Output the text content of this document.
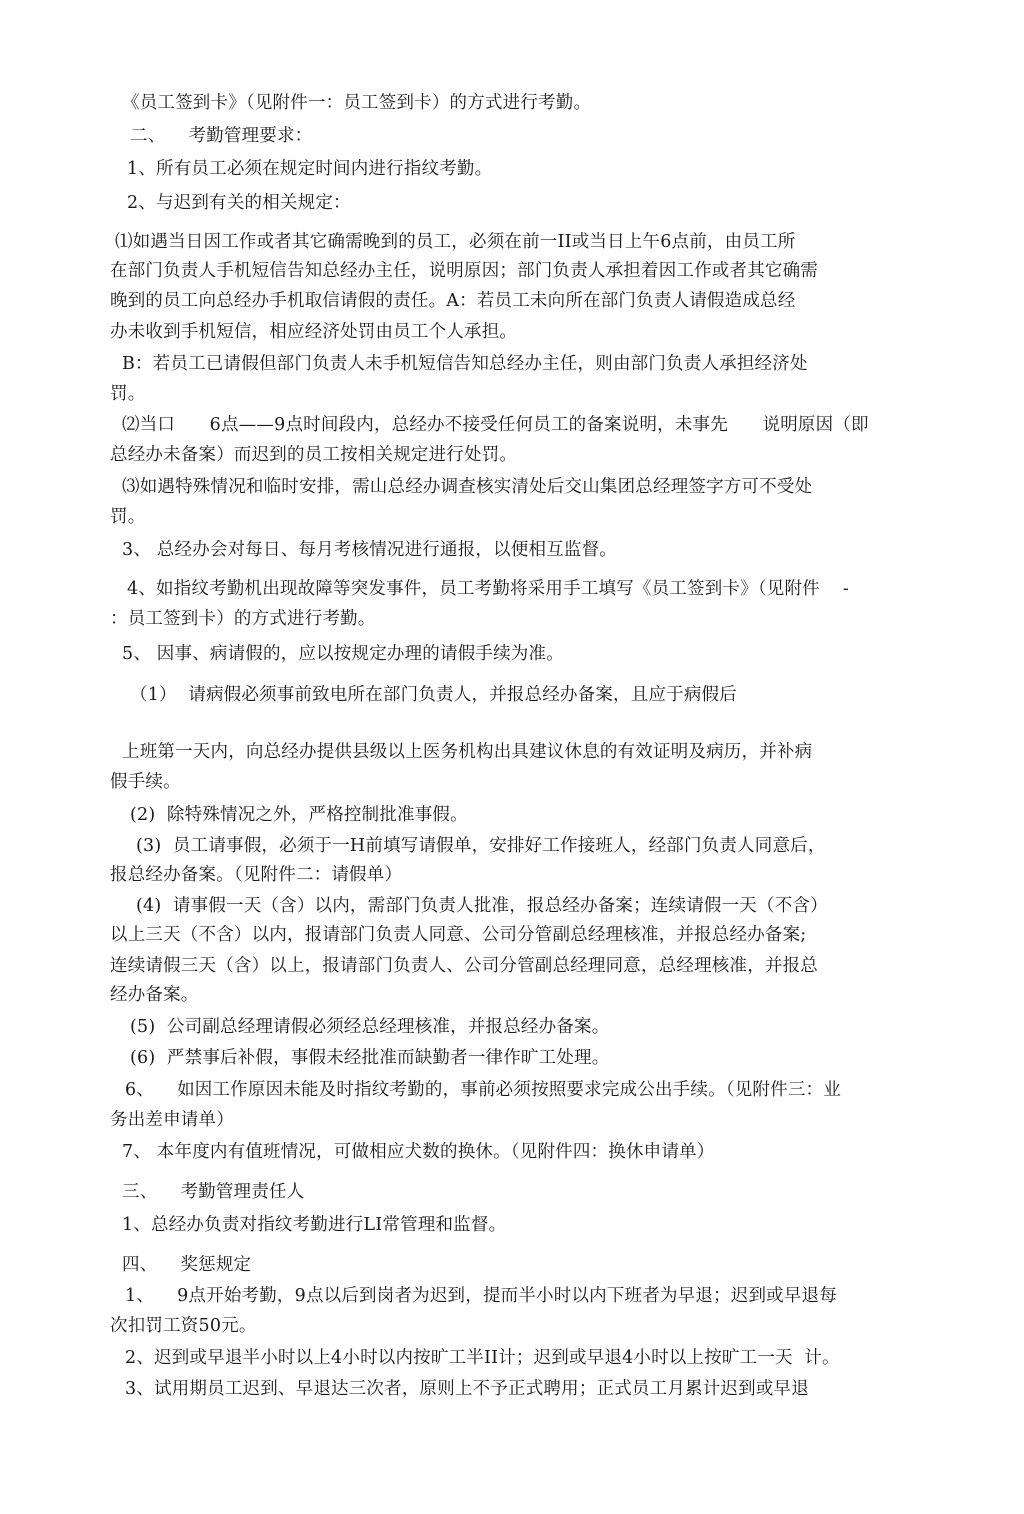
《员工签到卡》（见附件一：员工签到卡）的方式进行考勤。
二、    考勤管理要求：
1、所有员工必须在规定时间内进行指纹考勤。
2、与迟到有关的相关规定：
⑴如遇当日因工作或者其它确需晚到的员工，必须在前一II或当日上午6点前，由员工所
在部门负责人手机短信告知总经办主任，说明原因；部门负责人承担着因工作或者其它确需
晚到的员工向总经办手机取信请假的责任。A：若员工未向所在部门负责人请假造成总经
办未收到手机短信，相应经济处罚由员工个人承担。
B：若员工已请假但部门负责人未手机短信告知总经办主任，则由部门负责人承担经济处
罚。
⑵当口      6点——9点时间段内，总经办不接受任何员工的备案说明，未事先      说明原因（即
总经办未备案）而迟到的员工按相关规定进行处罚。
⑶如遇特殊情况和临时安排，需山总经办调查核实清处后交山集团总经理签字方可不受处
罚。
3、 总经办会对每日、每月考核情况进行通报，以便相互监督。
4、如指纹考勤机出现故障等突发事件，员工考勤将采用手工填写《员工签到卡》（见附件    -
：员工签到卡）的方式进行考勤。
5、 因事、病请假的，应以按规定办理的请假手续为准。
（1）  请病假必须事前致电所在部门负责人，并报总经办备案，且应于病假后
上班第一天内，向总经办提供县级以上医务机构出具建议休息的有效证明及病历，并补病
假手续。
(2)  除特殊情况之外，严格控制批准事假。
(3)  员工请事假，必须于一H前填写请假单，安排好工作接班人，经部门负责人同意后，
报总经办备案。（见附件二：请假单）
(4)  请事假一天（含）以内，需部门负责人批准，报总经办备案；连续请假一天（不含）
以上三天（不含）以内，报请部门负责人同意、公司分管副总经理核准，并报总经办备案;
连续请假三天（含）以上，报请部门负责人、公司分管副总经理同意，总经理核准，并报总
经办备案。
(5)  公司副总经理请假必须经总经理核准，并报总经办备案。
(6)  严禁事后补假，事假未经批准而缺勤者一律作旷工处理。
6、    如因工作原因未能及时指纹考勤的，事前必须按照要求完成公出手续。（见附件三：业
务出差申请单）
7、 本年度内有值班情况，可做相应犬数的换休。（见附件四：换休申请单）
三、    考勤管理责任人
1、总经办负责对指纹考勤进行LI常管理和监督。
四、    奖惩规定
1、    9点开始考勤，9点以后到岗者为迟到，提而半小时以内下班者为早退；迟到或早退每
次扣罚工资50元。
2、迟到或早退半小时以上4小时以内按旷工半II计；迟到或早退4小时以上按旷工一天  计。
3、试用期员工迟到、早退达三次者，原则上不予正式聘用；正式员工月累计迟到或早退
